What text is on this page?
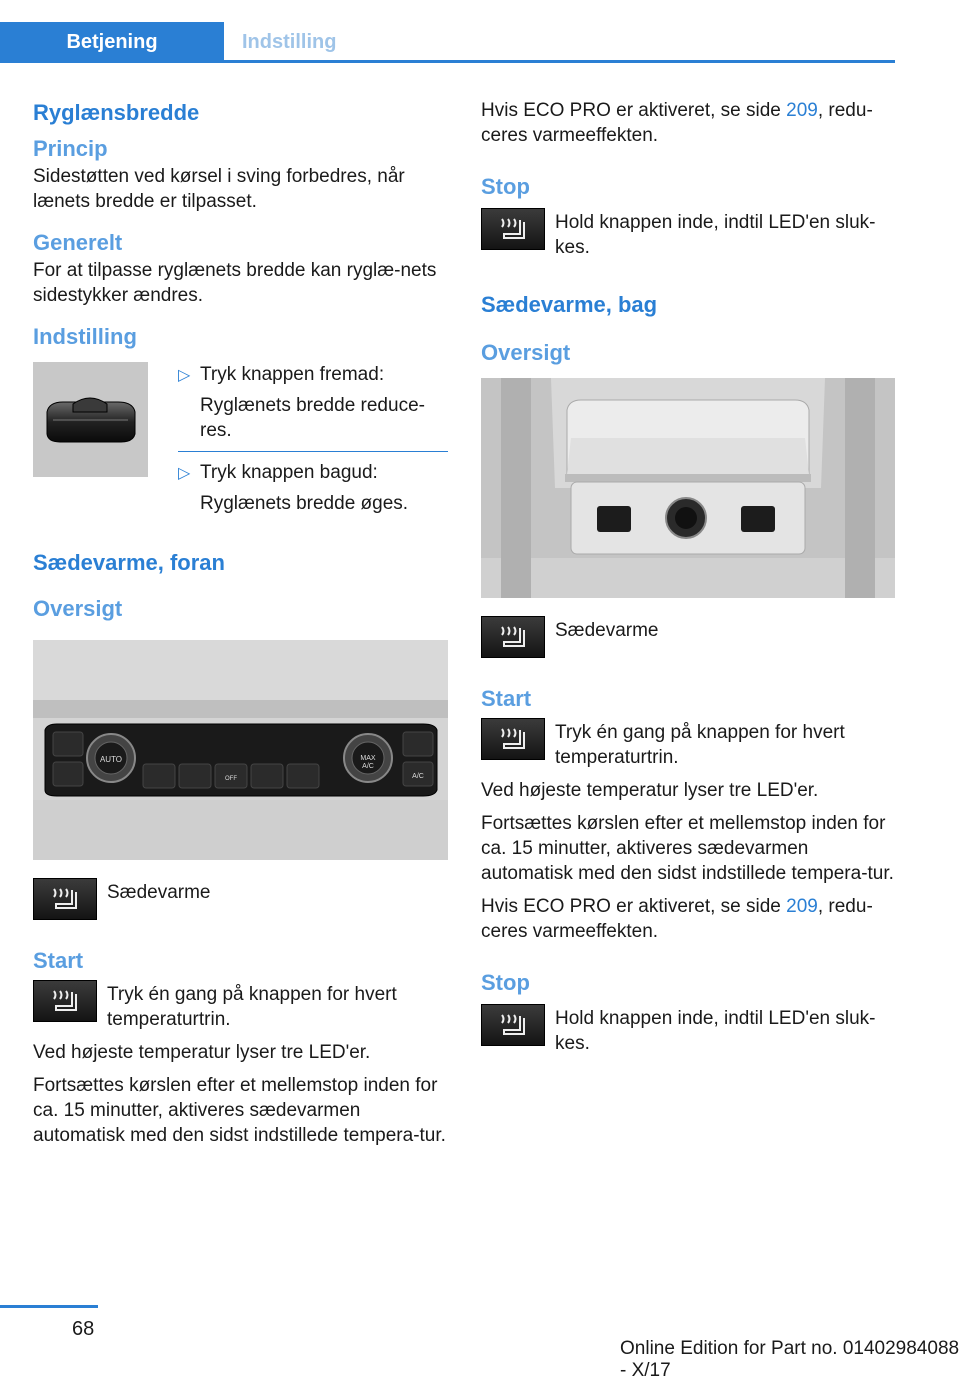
Betjening	Indstilling
Ryglænsbredde
Princip

Sidestøtten ved kørsel i sving forbedres, når lænets bredde er tilpasset.

Generelt

For at tilpasse ryglænets bredde kan ryglæ-nets sidestykker ændres.

Indstilling
▷ Tryk knappen fremad:
Ryglænets bredde reduce-res.
▷ Tryk knappen bagud:
Ryglænets bredde øges.
Sædevarme, foran
Oversigt
AUTO	MAX
A/C
A/C
OFF

Sædevarme

Start

Tryk én gang på knappen for hvert temperaturtrin.

Ved højeste temperatur lyser tre LED'er.

Fortsættes kørslen efter et mellemstop inden for ca. 15 minutter, aktiveres sædevarmen automatisk med den sidst indstillede tempera-tur.

Hvis ECO PRO er aktiveret, se side 209, redu-ceres varmeeffekten.

Stop

Hold knappen inde, indtil LED'en sluk-kes.

Sædevarme, bag
Oversigt

Sædevarme

Start

Tryk én gang på knappen for hvert temperaturtrin.

Ved højeste temperatur lyser tre LED'er.

Fortsættes kørslen efter et mellemstop inden for ca. 15 minutter, aktiveres sædevarmen automatisk med den sidst indstillede tempera-tur.

Hvis ECO PRO er aktiveret, se side 209, redu-ceres varmeeffekten.

Stop

Hold knappen inde, indtil LED'en sluk-kes.

68
Online Edition for Part no. 01402984088 - X/17
